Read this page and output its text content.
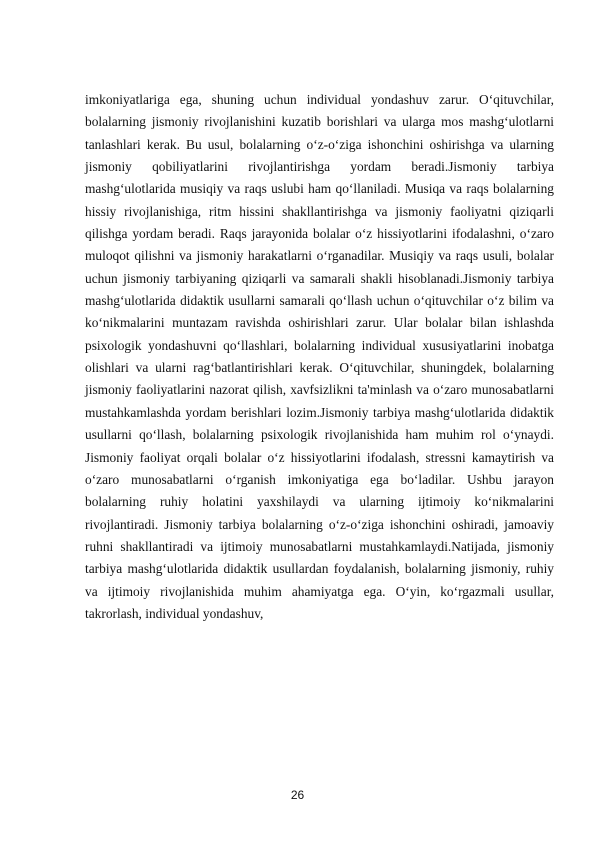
imkoniyatlariga ega, shuning uchun individual yondashuv zarur. O‘qituvchilar, bolalarning jismoniy rivojlanishini kuzatib borishlari va ularga mos mashg‘ulotlarni tanlashlari kerak. Bu usul, bolalarning o‘z-o‘ziga ishonchini oshirishga va ularning jismoniy qobiliyatlarini rivojlantirishga yordam beradi.Jismoniy tarbiya mashg‘ulotlarida musiqiy va raqs uslubi ham qo‘llaniladi. Musiqa va raqs bolalarning hissiy rivojlanishiga, ritm hissini shakllantirishga va jismoniy faoliyatni qiziqarli qilishga yordam beradi. Raqs jarayonida bolalar o‘z hissiyotlarini ifodalashni, o‘zaro muloqot qilishni va jismoniy harakatlarni o‘rganadilar. Musiqiy va raqs usuli, bolalar uchun jismoniy tarbiyaning qiziqarli va samarali shakli hisoblanadi.Jismoniy tarbiya mashg‘ulotlarida didaktik usullarni samarali qo‘llash uchun o‘qituvchilar o‘z bilim va ko‘nikmalarini muntazam ravishda oshirishlari zarur. Ular bolalar bilan ishlashda psixologik yondashuvni qo‘llashlari, bolalarning individual xususiyatlarini inobatga olishlari va ularni rag‘batlantirishlari kerak. O‘qituvchilar, shuningdek, bolalarning jismoniy faoliyatlarini nazorat qilish, xavfsizlikni ta'minlash va o‘zaro munosabatlarni mustahkamlashda yordam berishlari lozim.Jismoniy tarbiya mashg‘ulotlarida didaktik usullarni qo‘llash, bolalarning psixologik rivojlanishida ham muhim rol o‘ynaydi. Jismoniy faoliyat orqali bolalar o‘z hissiyotlarini ifodalash, stressni kamaytirish va o‘zaro munosabatlarni o‘rganish imkoniyatiga ega bo‘ladilar. Ushbu jarayon bolalarning ruhiy holatini yaxshilaydi va ularning ijtimoiy ko‘nikmalarini rivojlantiradi. Jismoniy tarbiya bolalarning o‘z-o‘ziga ishonchini oshiradi, jamoaviy ruhni shakllantiradi va ijtimoiy munosabatlarni mustahkamlaydi.Natijada, jismoniy tarbiya mashg‘ulotlarida didaktik usullardan foydalanish, bolalarning jismoniy, ruhiy va ijtimoiy rivojlanishida muhim ahamiyatga ega. O‘yin, ko‘rgazmali usullar, takrorlash, individual yondashuv,

26
